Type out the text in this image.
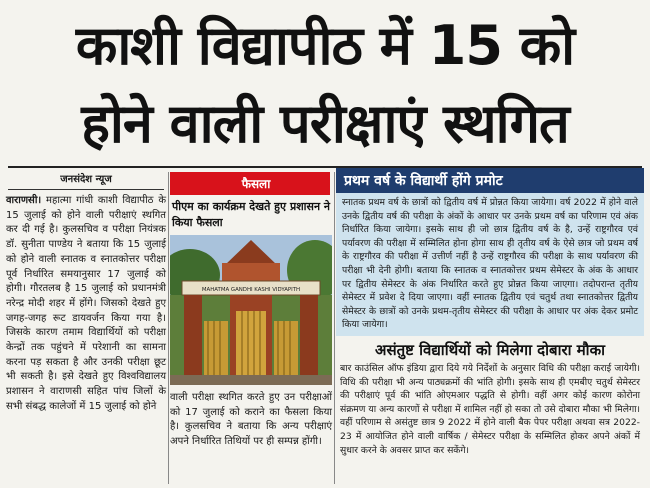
काशी विद्यापीठ में 15 को
होने वाली परीक्षाएं स्थगित
जनसंदेश न्यूज

वाराणसी। महात्मा गांधी काशी विद्यापीठ के 15 जुलाई को होने वाली परीक्षाएं स्थगित कर दी गई है। कुलसचिव व परीक्षा नियंत्रक डॉ. सुनीता पाण्डेय ने बताया कि 15 जुलाई को होने वाली स्नातक व स्नातकोत्तर परीक्षा पूर्व निर्धारित समयानुसार 17 जुलाई को होगी। गौरतलब है 15 जुलाई को प्रधानमंत्री नरेन्द्र मोदी शहर में होंगे। जिसको देखते हुए जगह-जगह रूट डायवर्जन किया गया है। जिसके कारण तमाम विद्यार्थियों को परीक्षा केन्द्रों तक पहुंचने में परेशानी का सामना करना पड़ सकता है और उनकी परीक्षा छूट भी सकती है। इसे देखते हुए विश्वविद्यालय प्रशासन ने वाराणसी सहित पांच जिलों के सभी संबद्ध कालेजों में 15 जुलाई को होने

फैसला
पीएम का कार्यक्रम देखते हुए प्रशासन ने किया फैसला
MAHATMA GANDHI KASHI VIDYAPITH

वाली परीक्षा स्थगित करते हुए उन परीक्षाओं को 17 जुलाई को कराने का फैसला किया है। कुलसचिव ने बताया कि अन्य परीक्षाएं अपने निर्धारित तिथियों पर ही सम्पन्न होंगी।

प्रथम वर्ष के विद्यार्थी होंगे प्रमोट

स्नातक प्रथम वर्ष के छात्रों को द्वितीय वर्ष में प्रोन्नत किया जायेगा। वर्ष 2022 में होने वाले उनके द्वितीय वर्ष की परीक्षा के अंकों के आधार पर उनके प्रथम वर्ष का परिणाम एवं अंक निर्धारित किया जायेगा। इसके साथ ही जो छात्र द्वितीय वर्ष के है, उन्हें राष्ट्रगौरव एवं पर्यावरण की परीक्षा में सम्मिलित होना होगा साथ ही तृतीय वर्ष के ऐसे छात्र जो प्रथम वर्ष के राष्ट्रगौरव की परीक्षा में उत्तीर्ण नहीं है उन्हें राष्ट्रगौरव की परीक्षा के साथ पर्यावरण की परीक्षा भी देनी होगी। बताया कि स्नातक व स्नातकोत्तर प्रथम सेमेस्टर के अंक के आधार पर द्वितीय सेमेस्टर के अंक निर्धारित करते हुए प्रोन्नत किया जाएगा। तदोपरान्त तृतीय सेमेस्टर में प्रवेश दे दिया जाएगा। वहीं स्नातक द्वितीय एवं चतुर्थ तथा स्नातकोत्तर द्वितीय सेमेस्टर के छात्रों को उनके प्रथम-तृतीय सेमेस्टर की परीक्षा के आधार पर अंक देकर प्रमोट किया जायेगा।

असंतुष्ट विद्यार्थियों को मिलेगा दोबारा मौका

बार काउंसिल ऑफ इंडिया द्वारा दिये गये निर्देशों के अनुसार विधि की परीक्षा कराई जायेगी। विधि की परीक्षा भी अन्य पाठ्यक्रमों की भांति होगी। इसके साथ ही एमबीए चतुर्थ सेमेस्टर की परीक्षाएं पूर्व की भांति ओएमआर पद्धति से होगी। वहीं अगर कोई कारण कोरोना संक्रमण या अन्य कारणों से परीक्षा में शामिल नहीं हो सका तो उसे दोबारा मौका भी मिलेगा। वहीं परिणाम से असंतुष्ट छात्र 9 2022 में होने वाली बैक पेपर परीक्षा अथवा सत्र 2022-23 में आयोजित होने वाली वार्षिक / सेमेस्टर परीक्षा के सम्मिलित होकर अपने अंकों में सुधार करने के अवसर प्राप्त कर सकेंगे।
